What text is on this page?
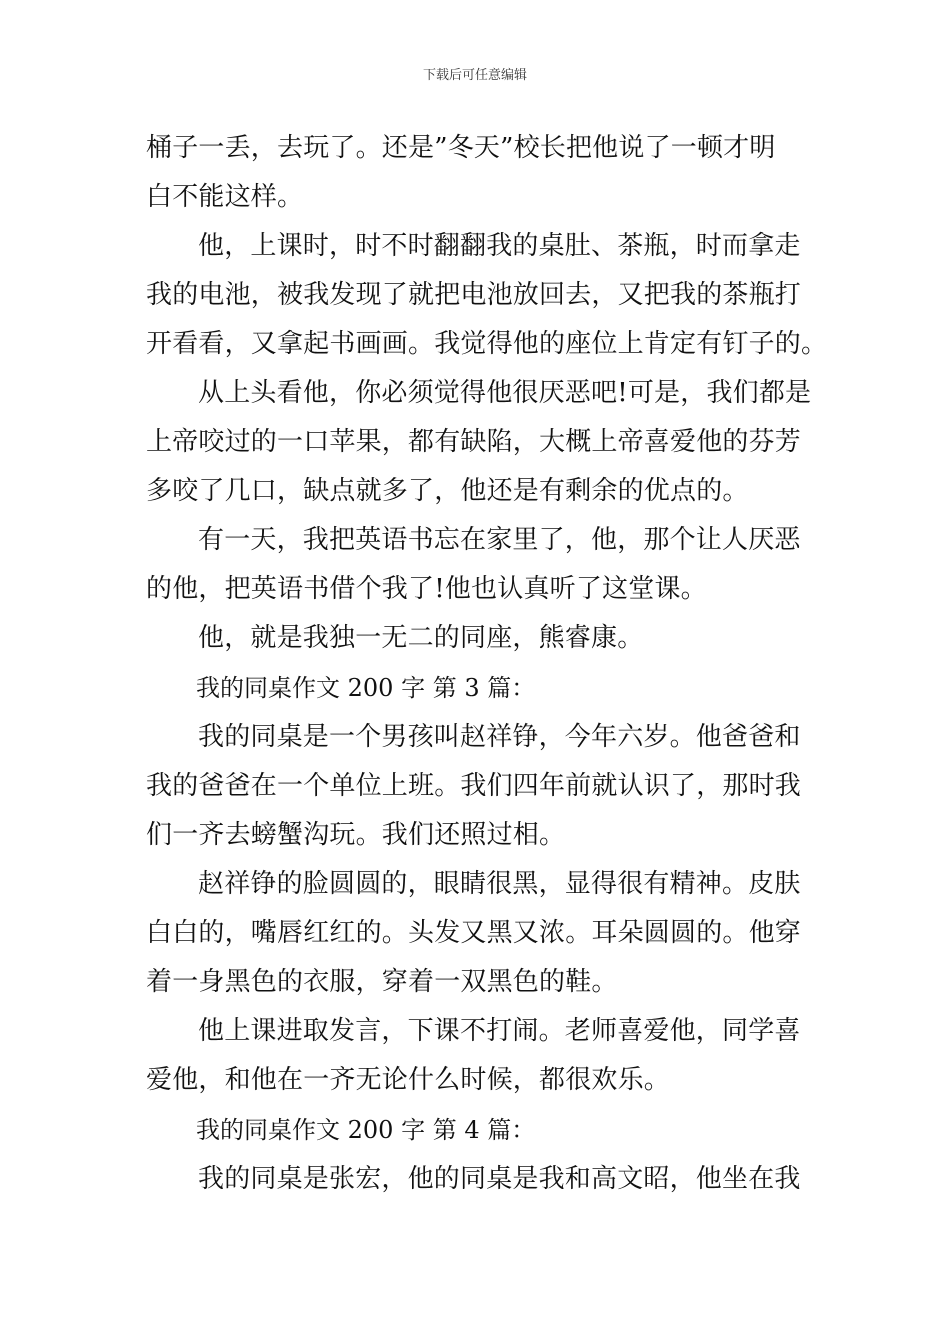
下载后可任意编辑
桶子一丢，去玩了。还是”冬天”校长把他说了一顿才明
白不能这样。
他，上课时，时不时翻翻我的桌肚、茶瓶，时而拿走
我的电池，被我发现了就把电池放回去，又把我的茶瓶打
开看看，又拿起书画画。我觉得他的座位上肯定有钉子的。
从上头看他，你必须觉得他很厌恶吧!可是，我们都是
上帝咬过的一口苹果，都有缺陷，大概上帝喜爱他的芬芳
多咬了几口，缺点就多了，他还是有剩余的优点的。
有一天，我把英语书忘在家里了，他，那个让人厌恶
的他，把英语书借个我了!他也认真听了这堂课。
他，就是我独一无二的同座，熊睿康。
我的同桌作文 200 字 第 3 篇：
我的同桌是一个男孩叫赵祥铮，今年六岁。他爸爸和
我的爸爸在一个单位上班。我们四年前就认识了，那时我
们一齐去螃蟹沟玩。我们还照过相。
赵祥铮的脸圆圆的，眼睛很黑，显得很有精神。皮肤
白白的，嘴唇红红的。头发又黑又浓。耳朵圆圆的。他穿
着一身黑色的衣服，穿着一双黑色的鞋。
他上课进取发言，下课不打闹。老师喜爱他，同学喜
爱他，和他在一齐无论什么时候，都很欢乐。
我的同桌作文 200 字 第 4 篇：
我的同桌是张宏，他的同桌是我和高文昭，他坐在我
